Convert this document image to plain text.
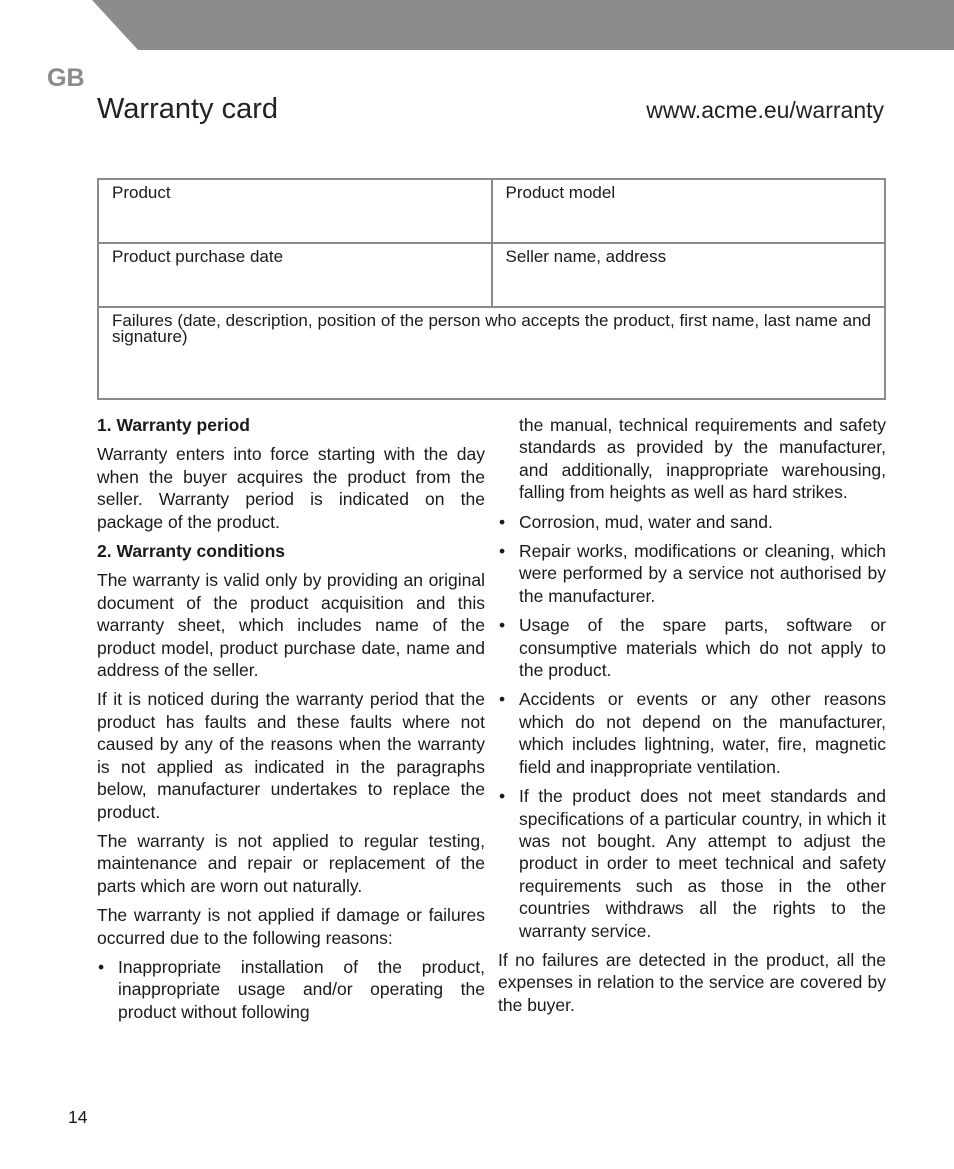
GB
Warranty card	www.acme.eu/warranty
Product	Product model
Product purchase date	Seller name, address

Failures (date, description, position of the person who accepts the product, first name, last name and signature)	
1. Warranty period

Warranty enters into force starting with the day when the buyer acquires the product from the seller. Warranty period is indicated on the package of the product.

2. Warranty conditions

The warranty is valid only by providing an original document of the product acquisition and this warranty sheet, which includes name of the product model, product purchase date, name and address of the seller.

If it is noticed during the warranty period that the product has faults and these faults where not caused by any of the reasons when the warranty is not applied as indicated in the paragraphs below, manufacturer undertakes to replace the product.

The warranty is not applied to regular testing, maintenance and repair or replacement of the parts which are worn out naturally.

The warranty is not applied if damage or failures occurred due to the following reasons:

• Inappropriate installation of the product, inappropriate usage and/or operating the product without following
the manual, technical requirements and safety standards as provided by the manufacturer, and additionally, inappropriate warehousing, falling from heights as well as hard strikes.
• Corrosion, mud, water and sand.
• Repair works, modifications or cleaning, which were performed by a service not authorised by the manufacturer.
• Usage of the spare parts, software or consumptive materials which do not apply to the product.
• Accidents or events or any other reasons which do not depend on the manufacturer, which includes lightning, water, fire, magnetic field and inappropriate ventilation.
• If the product does not meet standards and specifications of a particular country, in which it was not bought. Any attempt to adjust the product in order to meet technical and safety requirements such as those in the other countries withdraws all the rights to the warranty service.

If no failures are detected in the product, all the expenses in relation to the service are covered by the buyer.

14
